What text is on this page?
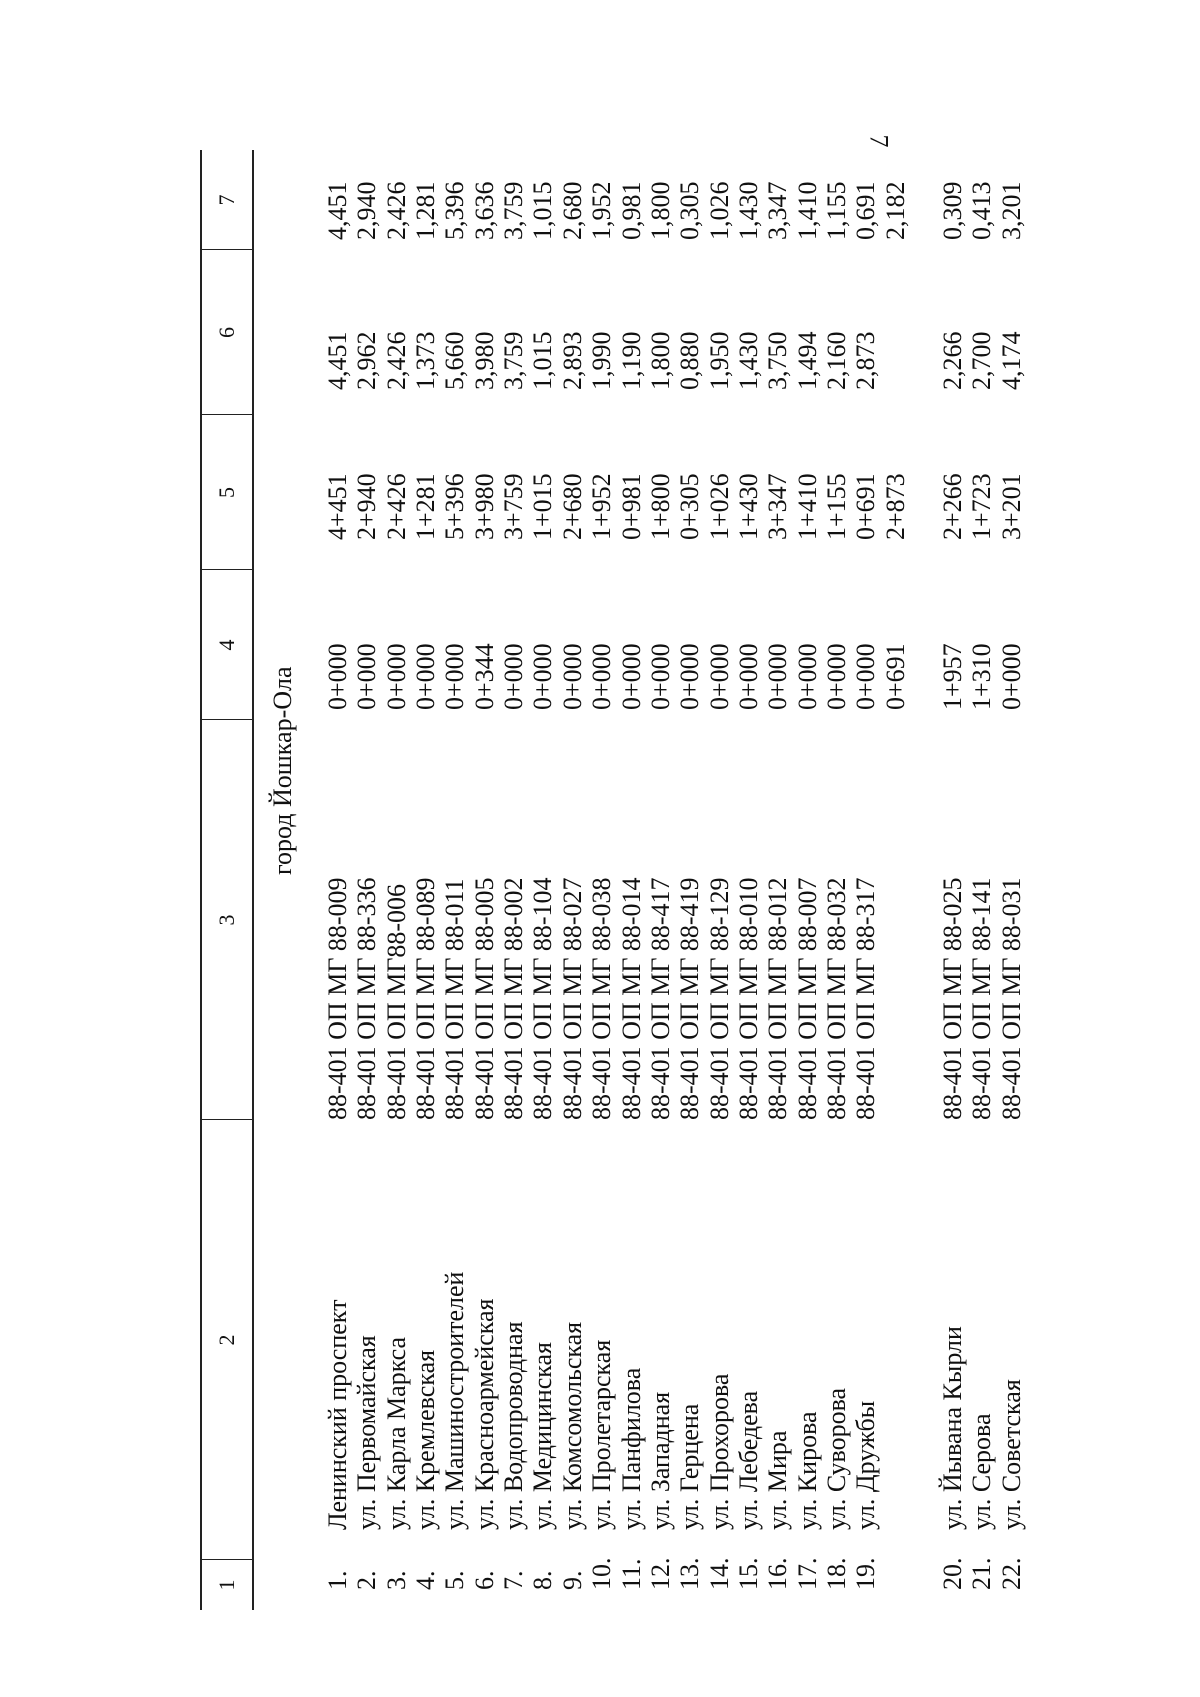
7
1
2
3
4
5
6
7
город Йошкар-Ола
1.
Ленинский проспект
88-401 ОП МГ 88-009
0+000
4+451
4,451
4,451
2.
ул. Первомайская
88-401 ОП МГ 88-336
0+000
2+940
2,962
2,940
3.
ул. Карла Маркса
88-401 ОП МГ88-006
0+000
2+426
2,426
2,426
4.
ул. Кремлевская
88-401 ОП МГ 88-089
0+000
1+281
1,373
1,281
5.
ул. Машиностроителей
88-401 ОП МГ 88-011
0+000
5+396
5,660
5,396
6.
ул. Красноармейская
88-401 ОП МГ 88-005
0+344
3+980
3,980
3,636
7.
ул. Водопроводная
88-401 ОП МГ 88-002
0+000
3+759
3,759
3,759
8.
ул. Медицинская
88-401 ОП МГ 88-104
0+000
1+015
1,015
1,015
9.
ул. Комсомольская
88-401 ОП МГ 88-027
0+000
2+680
2,893
2,680
10.
ул. Пролетарская
88-401 ОП МГ 88-038
0+000
1+952
1,990
1,952
11.
ул. Панфилова
88-401 ОП МГ 88-014
0+000
0+981
1,190
0,981
12.
ул. Западная
88-401 ОП МГ 88-417
0+000
1+800
1,800
1,800
13.
ул. Герцена
88-401 ОП МГ 88-419
0+000
0+305
0,880
0,305
14.
ул. Прохорова
88-401 ОП МГ 88-129
0+000
1+026
1,950
1,026
15.
ул. Лебедева
88-401 ОП МГ 88-010
0+000
1+430
1,430
1,430
16.
ул. Мира
88-401 ОП МГ 88-012
0+000
3+347
3,750
3,347
17.
ул. Кирова
88-401 ОП МГ 88-007
0+000
1+410
1,494
1,410
18.
ул. Суворова
88-401 ОП МГ 88-032
0+000
1+155
2,160
1,155
19.
ул. Дружбы
88-401 ОП МГ 88-317
0+000
0+691
2,873
0,691
0+691
2+873
2,182
20.
ул. Йывана Кырли
88-401 ОП МГ 88-025
1+957
2+266
2,266
0,309
21.
ул. Серова
88-401 ОП МГ 88-141
1+310
1+723
2,700
0,413
22.
ул. Советская
88-401 ОП МГ 88-031
0+000
3+201
4,174
3,201
